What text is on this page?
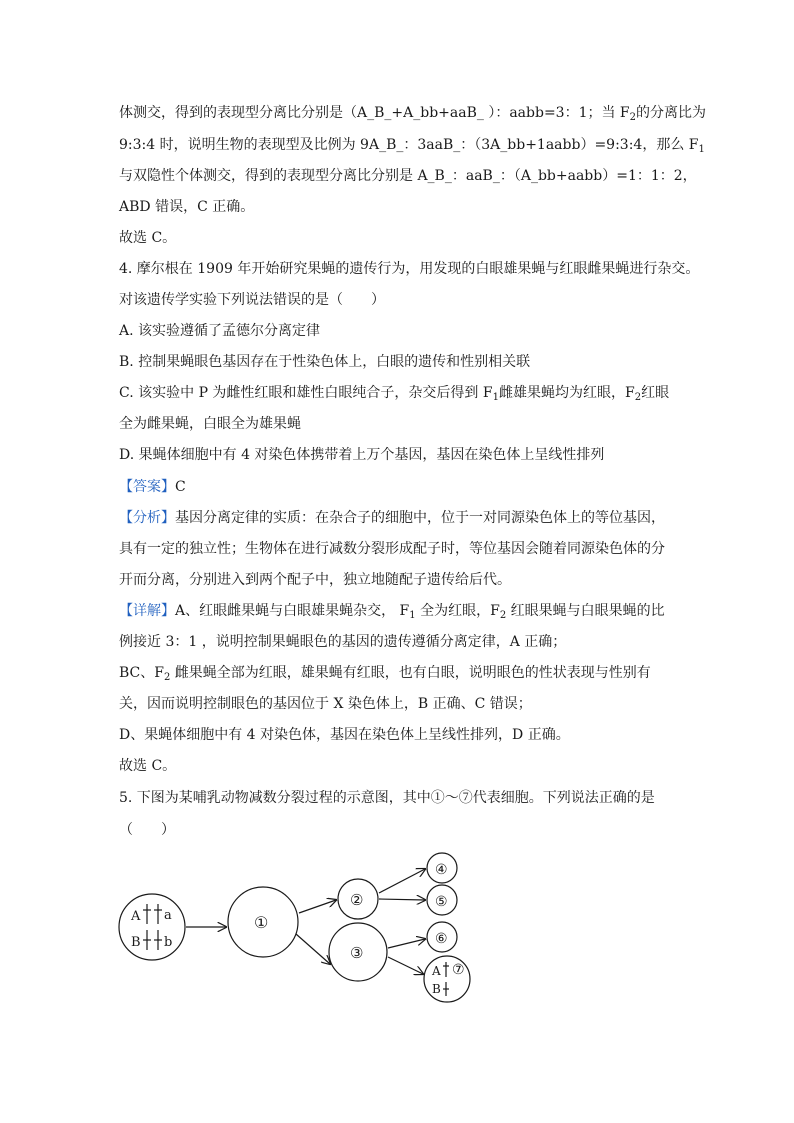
体测交，得到的表现型分离比分别是（A_B_+A_bb+aaB_ ）：aabb=3：1；当 $F_2$的分离比为
9:3:4 时，说明生物的表现型及比例为 9A_B_：3aaB_：（3A_bb+1aabb）=9:3:4，那么 $F_1$
与双隐性个体测交，得到的表现型分离比分别是 A_B_：aaB_：（A_bb+aabb）=1：1：2，
ABD 错误，C 正确。
故选 C。
4. 摩尔根在 1909 年开始研究果蝇的遗传行为，用发现的白眼雄果蝇与红眼雌果蝇进行杂交。
对该遗传学实验下列说法错误的是（　　）
A. 该实验遵循了孟德尔分离定律
B. 控制果蝇眼色基因存在于性染色体上，白眼的遗传和性别相关联
C. 该实验中 P 为雌性红眼和雄性白眼纯合子，杂交后得到 $F_1$雌雄果蝇均为红眼，$F_2$红眼
全为雌果蝇，白眼全为雄果蝇
D. 果蝇体细胞中有 4 对染色体携带着上万个基因，基因在染色体上呈线性排列
【答案】C
【分析】基因分离定律的实质：在杂合子的细胞中，位于一对同源染色体上的等位基因，
具有一定的独立性；生物体在进行减数分裂形成配子时，等位基因会随着同源染色体的分
开而分离，分别进入到两个配子中，独立地随配子遗传给后代。
【详解】A、红眼雌果蝇与白眼雄果蝇杂交， $F_1$ 全为红眼，$F_2$ 红眼果蝇与白眼果蝇的比
例接近 3：1 ，说明控制果蝇眼色的基因的遗传遵循分离定律，A 正确；
BC、$F_2$ 雌果蝇全部为红眼，雄果蝇有红眼，也有白眼，说明眼色的性状表现与性别有
关，因而说明控制眼色的基因位于 X 染色体上，B 正确、C 错误；
D、果蝇体细胞中有 4 对染色体，基因在染色体上呈线性排列，D 正确。
故选 C。
5. 下图为某哺乳动物减数分裂过程的示意图，其中①～⑦代表细胞。下列说法正确的是
（　　）
A a
B b
①
②
③
④
⑤
⑥
⑦
A
B
